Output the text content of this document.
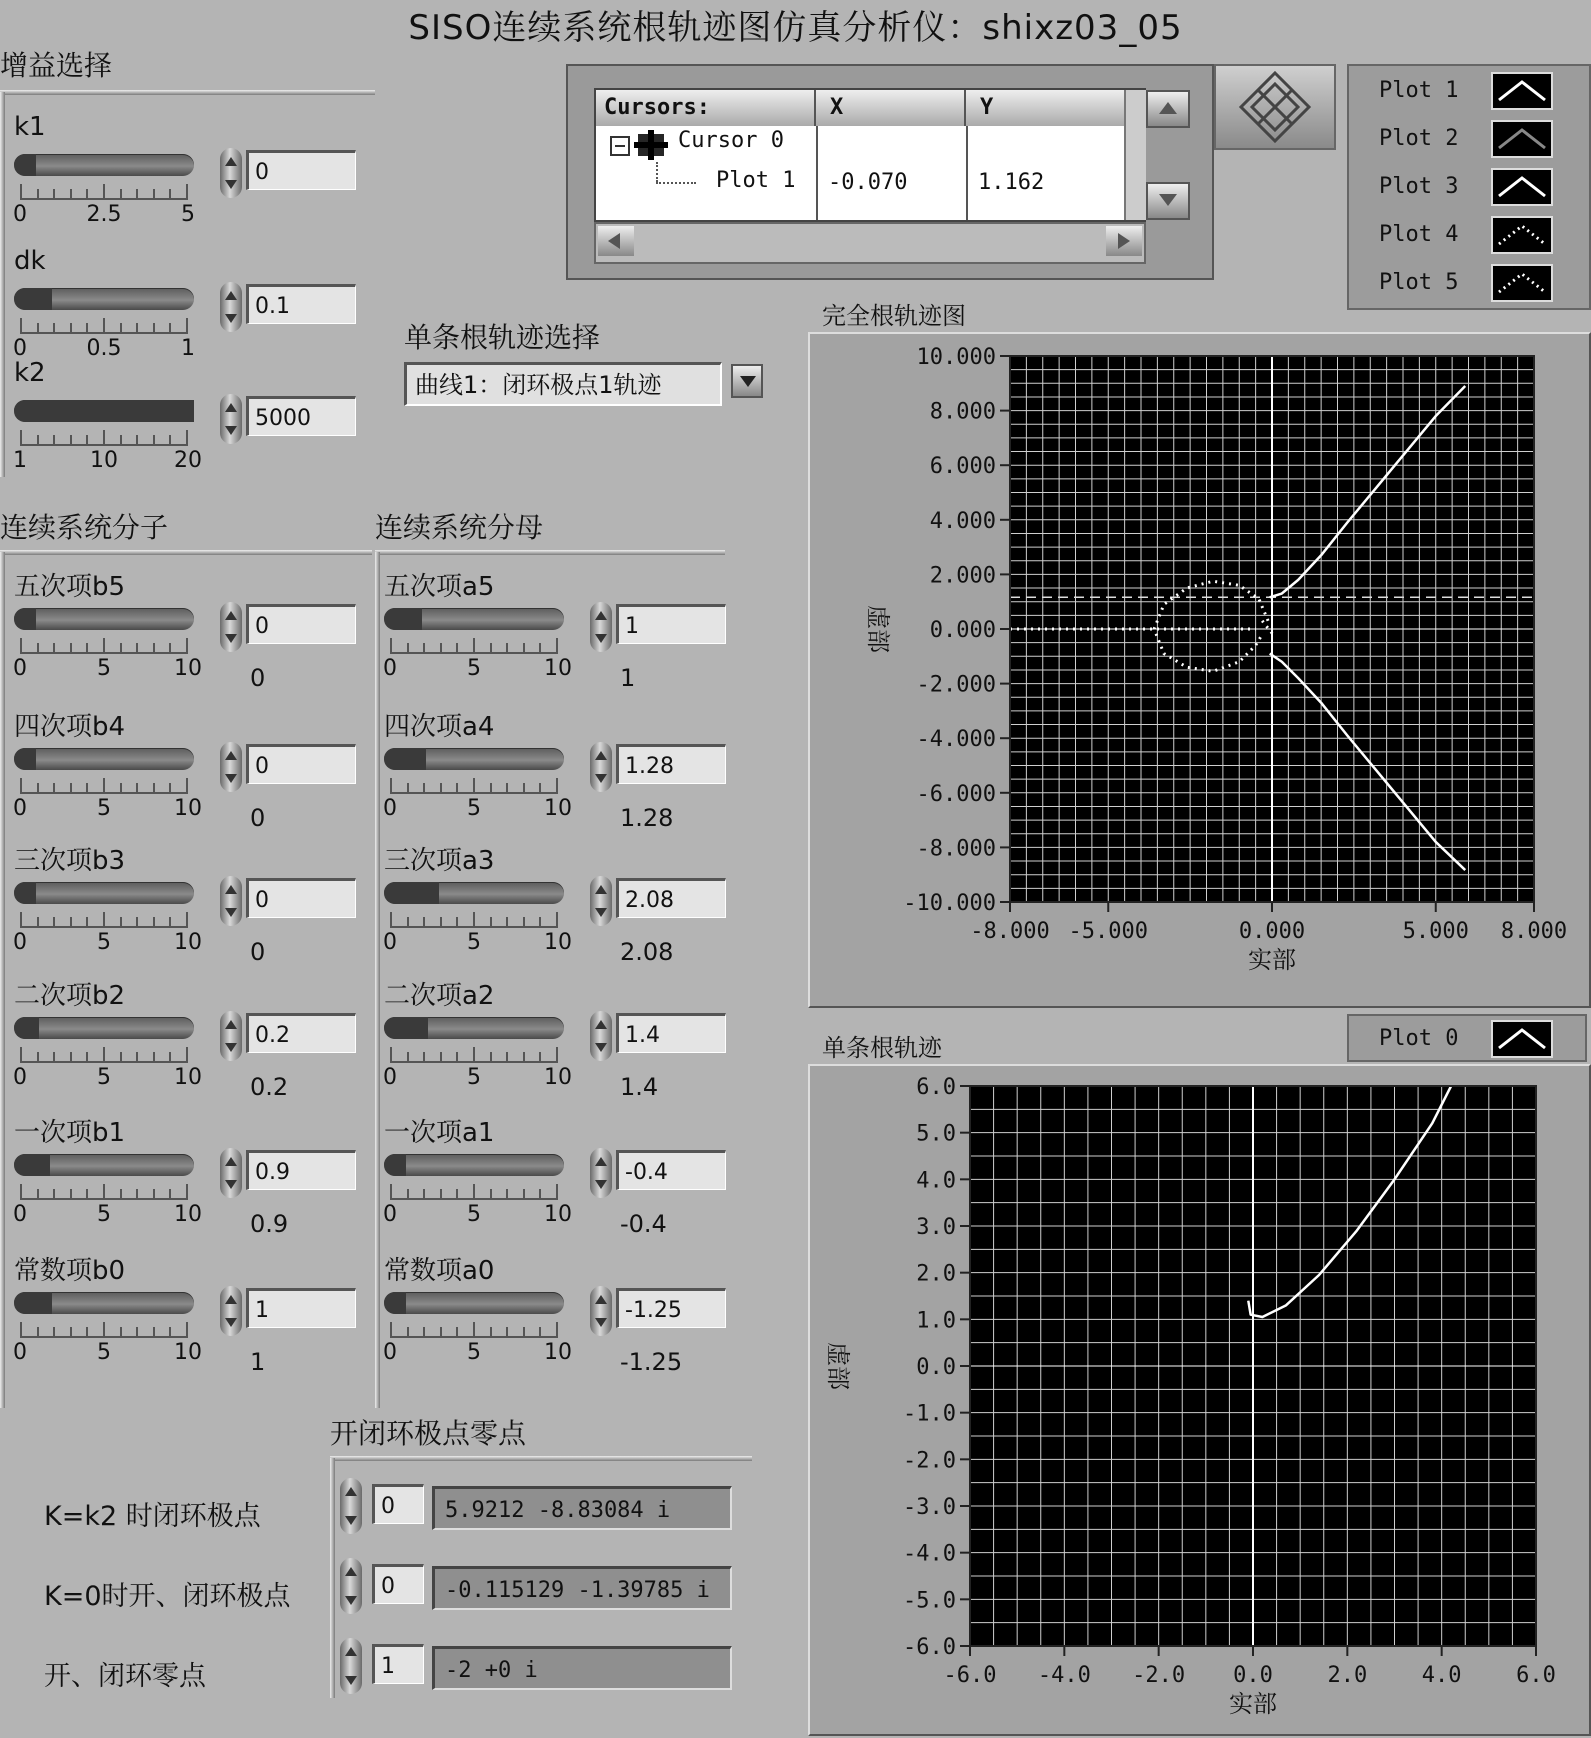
SISO连续系统根轨迹图仿真分析仪：shixz03_05
增益选择
k1
0	2.5	5
0
dk
0	0.5	1
0.1
k2
1	10	20
5000
连续系统分子	连续系统分母
五次项b5
0	5	10
0
0
四次项b4
0	5	10
0
0
三次项b3
0	5	10
0
0
二次项b2
0	5	10
0.2
0.2
一次项b1
0	5	10
0.9
0.9
常数项b0
0	5	10
1
1
五次项a5
0	5	10
1
1
四次项a4
0	5	10
1.28
1.28
三次项a3
0	5	10
2.08
2.08
二次项a2
0	5	10
1.4
1.4
一次项a1
0	5	10
-0.4
-0.4
常数项a0
0	5	10
-1.25
-1.25
单条根轨迹选择
曲线1：闭环极点1轨迹
Cursors:	X	Y
Cursor 0
Plot 1 -0.070	1.162
Plot 1
Plot 2
Plot 3
Plot 4
Plot 5
完全根轨迹图
-8.000 -5.000	0.000	5.000 8.000
10.000
8.000
6.000
4.000
2.000
0.000
-2.000
-4.000
-6.000
-8.000
-10.000
实部
虚部
单条根轨迹	Plot 0
-6.0 -4.0 -2.0 0.0 2.0 4.0 6.0
6.0
5.0
4.0
3.0
2.0
1.0
0.0
-1.0
-2.0
-3.0
-4.0
-5.0
-6.0
实部
虚部
开闭环极点零点
K=k2 时闭环极点	0	5.9212 -8.83084 i
K=0时开、闭环极点	0	-0.115129 -1.39785 i
开、闭环零点	1	-2 +0 i
